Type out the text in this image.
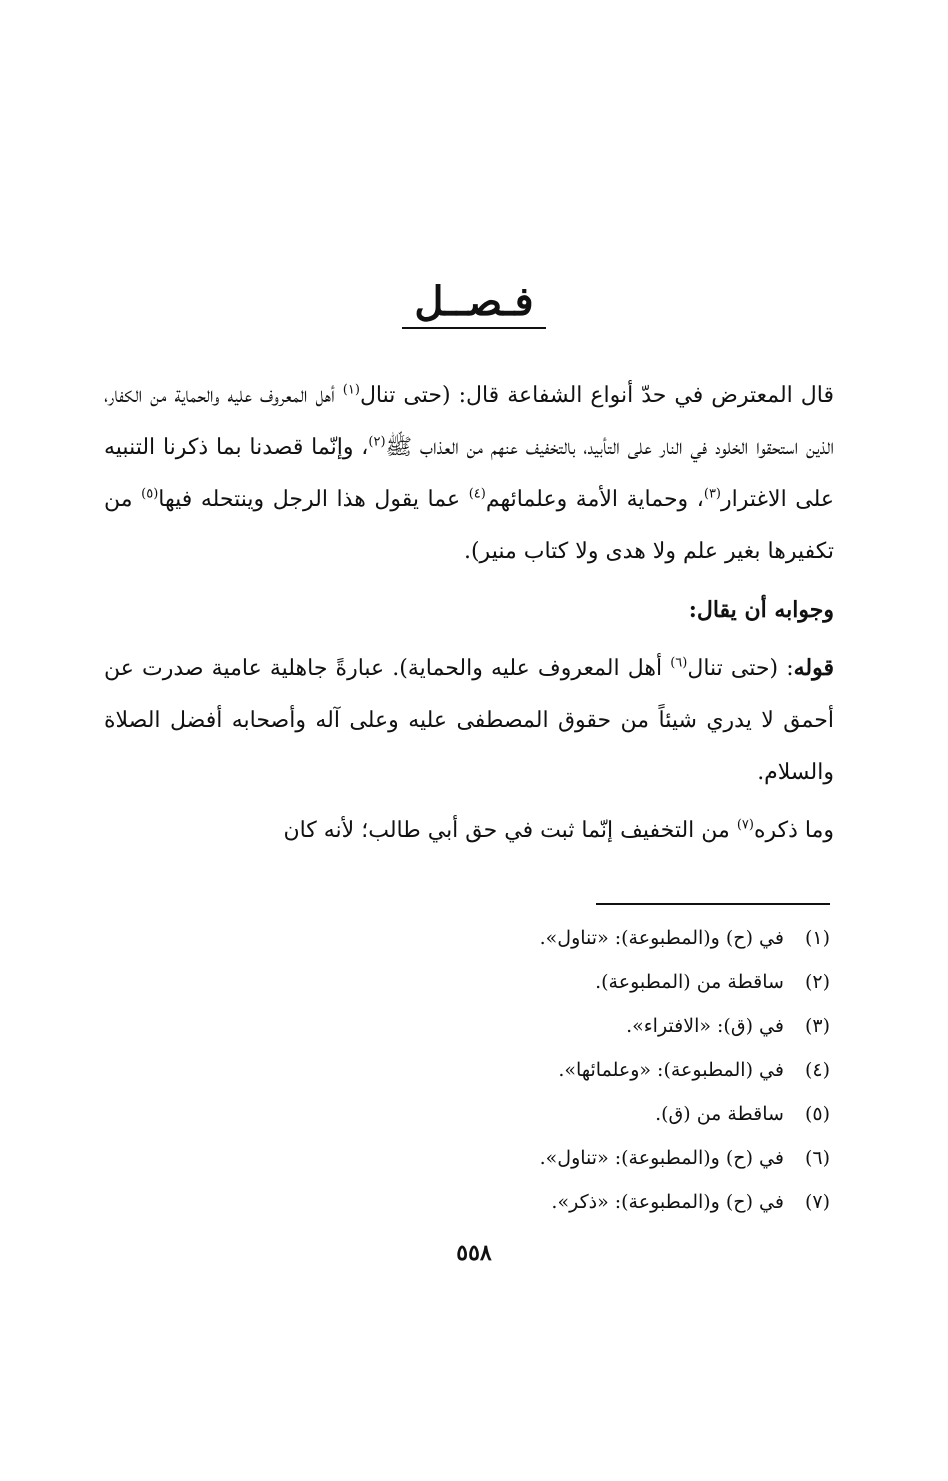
فـصــل

قال المعترض في حدّ أنواع الشفاعة قال: (حتى تنال$^{(١)}$ أهل المعروف عليه والحماية من الكفار، الذين استحقوا الخلود في النار على التأبيد، بالتخفيف عنهم من العذاب ﷺ$^{(٢)}$، وإنّما قصدنا بما ذكرنا التنبيه على الاغترار$^{(٣)}$، وحماية الأمة وعلمائهم$^{(٤)}$ عما يقول هذا الرجل وينتحله فيها$^{(٥)}$ من تكفيرها بغير علم ولا هدى ولا كتاب منير).

وجوابه أن يقال:

قوله: (حتى تنال$^{(٦)}$ أهل المعروف عليه والحماية). عبارةً جاهلية عامية صدرت عن أحمق لا يدري شيئاً من حقوق المصطفى عليه وعلى آله وأصحابه أفضل الصلاة والسلام.

وما ذكره$^{(٧)}$ من التخفيف إنّما ثبت في حق أبي طالب؛ لأنه كان

(١) في (ح) و(المطبوعة): «تناول».
(٢) ساقطة من (المطبوعة).
(٣) في (ق): «الافتراء».
(٤) في (المطبوعة): «وعلمائها».
(٥) ساقطة من (ق).
(٦) في (ح) و(المطبوعة): «تناول».
(٧) في (ح) و(المطبوعة): «ذكر».
٥٥٨
